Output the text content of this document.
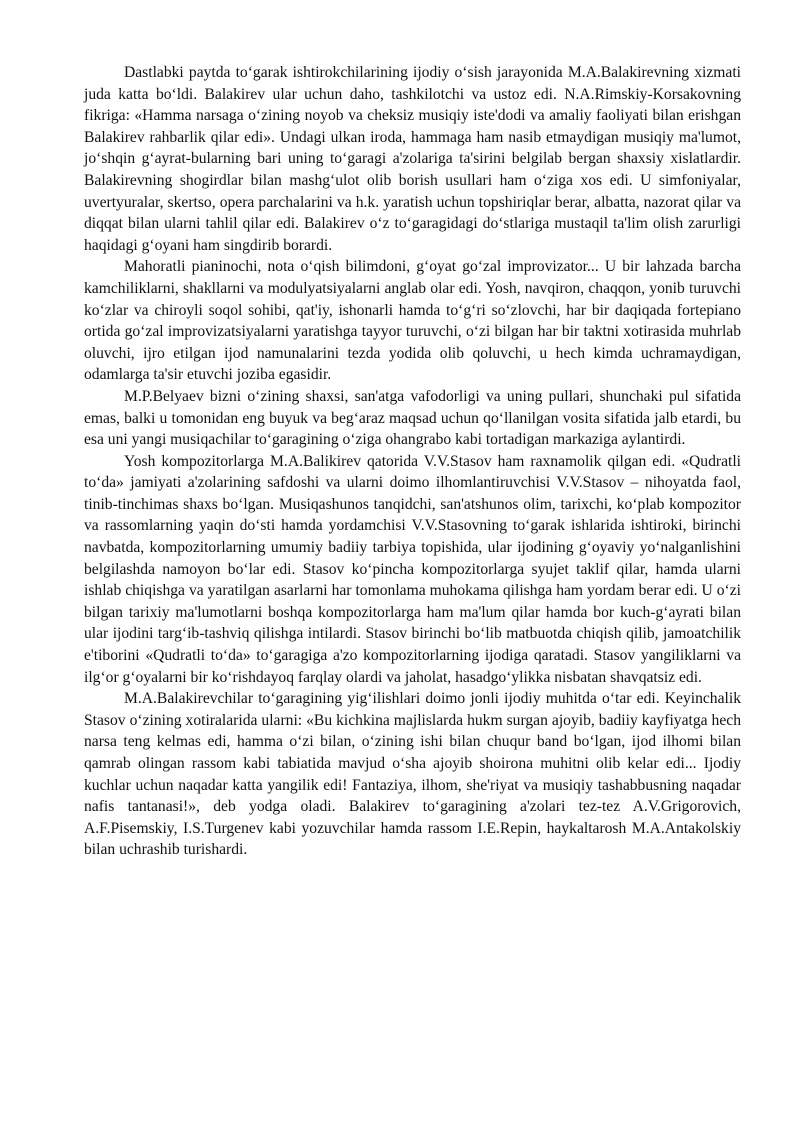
Dastlabki paytda to‘garak ishtirokchilarining ijodiy o‘sish jarayonida M.A.Balakirevning xizmati juda katta bo‘ldi. Balakirev ular uchun daho, tashkilotchi va ustoz edi. N.A.Rimskiy-Korsakovning fikriga: «Hamma narsaga o‘zining noyob va cheksiz musiqiy iste'dodi va amaliy faoliyati bilan erishgan Balakirev rahbarlik qilar edi». Undagi ulkan iroda, hammaga ham nasib etmaydigan musiqiy ma'lumot, jo‘shqin g‘ayrat-bularning bari uning to‘garagi a'zolariga ta'sirini belgilab bergan shaxsiy xislatlardir. Balakirevning shogirdlar bilan mashg‘ulot olib borish usullari ham o‘ziga xos edi. U simfoniyalar, uvertyuralar, skertso, opera parchalarini va h.k. yaratish uchun topshiriqlar berar, albatta, nazorat qilar va diqqat bilan ularni tahlil qilar edi. Balakirev o‘z to‘garagidagi do‘stlariga mustaqil ta'lim olish zarurligi haqidagi g‘oyani ham singdirib borardi.

Mahoratli pianinochi, nota o‘qish bilimdoni, g‘oyat go‘zal improvizator... U bir lahzada barcha kamchiliklarni, shakllarni va modulyatsiyalarni anglab olar edi. Yosh, navqiron, chaqqon, yonib turuvchi ko‘zlar va chiroyli soqol sohibi, qat'iy, ishonarli hamda to‘g‘ri so‘zlovchi, har bir daqiqada fortepiano ortida go‘zal improvizatsiyalarni yaratishga tayyor turuvchi, o‘zi bilgan har bir taktni xotirasida muhrlab oluvchi, ijro etilgan ijod namunalarini tezda yodida olib qoluvchi, u hech kimda uchramaydigan, odamlarga ta'sir etuvchi joziba egasidir.

M.P.Belyaev bizni o‘zining shaxsi, san'atga vafodorligi va uning pullari, shunchaki pul sifatida emas, balki u tomonidan eng buyuk va beg‘araz maqsad uchun qo‘llanilgan vosita sifatida jalb etardi, bu esa uni yangi musiqachilar to‘garagining o‘ziga ohangrabo kabi tortadigan markaziga aylantirdi.

Yosh kompozitorlarga M.A.Balikirev qatorida V.V.Stasov ham raxnamolik qilgan edi. «Qudratli to‘da» jamiyati a'zolarining safdoshi va ularni doimo ilhomlantiruvchisi V.V.Stasov – nihoyatda faol, tinib-tinchimas shaxs bo‘lgan. Musiqashunos tanqidchi, san'atshunos olim, tarixchi, ko‘plab kompozitor va rassomlarning yaqin do‘sti hamda yordamchisi V.V.Stasovning to‘garak ishlarida ishtiroki, birinchi navbatda, kompozitorlarning umumiy badiiy tarbiya topishida, ular ijodining g‘oyaviy yo‘nalganlishini belgilashda namoyon bo‘lar edi. Stasov ko‘pincha kompozitorlarga syujet taklif qilar, hamda ularni ishlab chiqishga va yaratilgan asarlarni har tomonlama muhokama qilishga ham yordam berar edi. U o‘zi bilgan tarixiy ma'lumotlarni boshqa kompozitorlarga ham ma'lum qilar hamda bor kuch-g‘ayrati bilan ular ijodini targ‘ib-tashviq qilishga intilardi. Stasov birinchi bo‘lib matbuotda chiqish qilib, jamoatchilik e'tiborini «Qudratli to‘da» to‘garagiga a'zo kompozitorlarning ijodiga qaratadi. Stasov yangiliklarni va ilg‘or g‘oyalarni bir ko‘rishdayoq farqlay olardi va jaholat, hasadgo‘ylikka nisbatan shavqatsiz edi.

M.A.Balakirevchilar to‘garagining yig‘ilishlari doimo jonli ijodiy muhitda o‘tar edi. Keyinchalik Stasov o‘zining xotiralarida ularni: «Bu kichkina majlislarda hukm surgan ajoyib, badiiy kayfiyatga hech narsa teng kelmas edi, hamma o‘zi bilan, o‘zining ishi bilan chuqur band bo‘lgan, ijod ilhomi bilan qamrab olingan rassom kabi tabiatida mavjud o‘sha ajoyib shoirona muhitni olib kelar edi... Ijodiy kuchlar uchun naqadar katta yangilik edi! Fantaziya, ilhom, she'riyat va musiqiy tashabbusning naqadar nafis tantanasi!», deb yodga oladi. Balakirev to‘garagining a'zolari tez-tez A.V.Grigorovich, A.F.Pisemskiy, I.S.Turgenev kabi yozuvchilar hamda rassom I.E.Repin, haykaltarosh M.A.Antakolskiy bilan uchrashib turishardi.
